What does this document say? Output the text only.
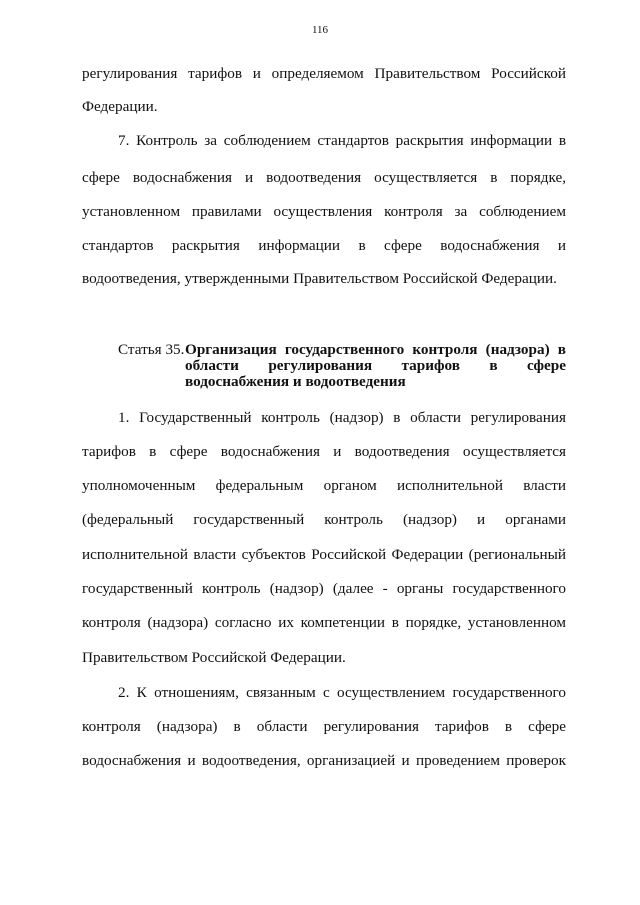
116
регулирования тарифов и определяемом Правительством Российской
Федерации.
7. Контроль за соблюдением стандартов раскрытия информации в
сфере водоснабжения и водоотведения осуществляется в порядке,
установленном правилами осуществления контроля за соблюдением
стандартов раскрытия информации в сфере водоснабжения и
водоотведения, утвержденными Правительством Российской Федерации.
Статья 35. Организация государственного контроля (надзора) в
области регулирования тарифов в сфере
водоснабжения и водоотведения
1. Государственный контроль (надзор) в области регулирования
тарифов в сфере водоснабжения и водоотведения осуществляется
уполномоченным федеральным органом исполнительной власти
(федеральный государственный контроль (надзор) и органами
исполнительной власти субъектов Российской Федерации (региональный
государственный контроль (надзор) (далее - органы государственного
контроля (надзора) согласно их компетенции в порядке, установленном
Правительством Российской Федерации.
2. К отношениям, связанным с осуществлением государственного
контроля (надзора) в области регулирования тарифов в сфере
водоснабжения и водоотведения, организацией и проведением проверок
